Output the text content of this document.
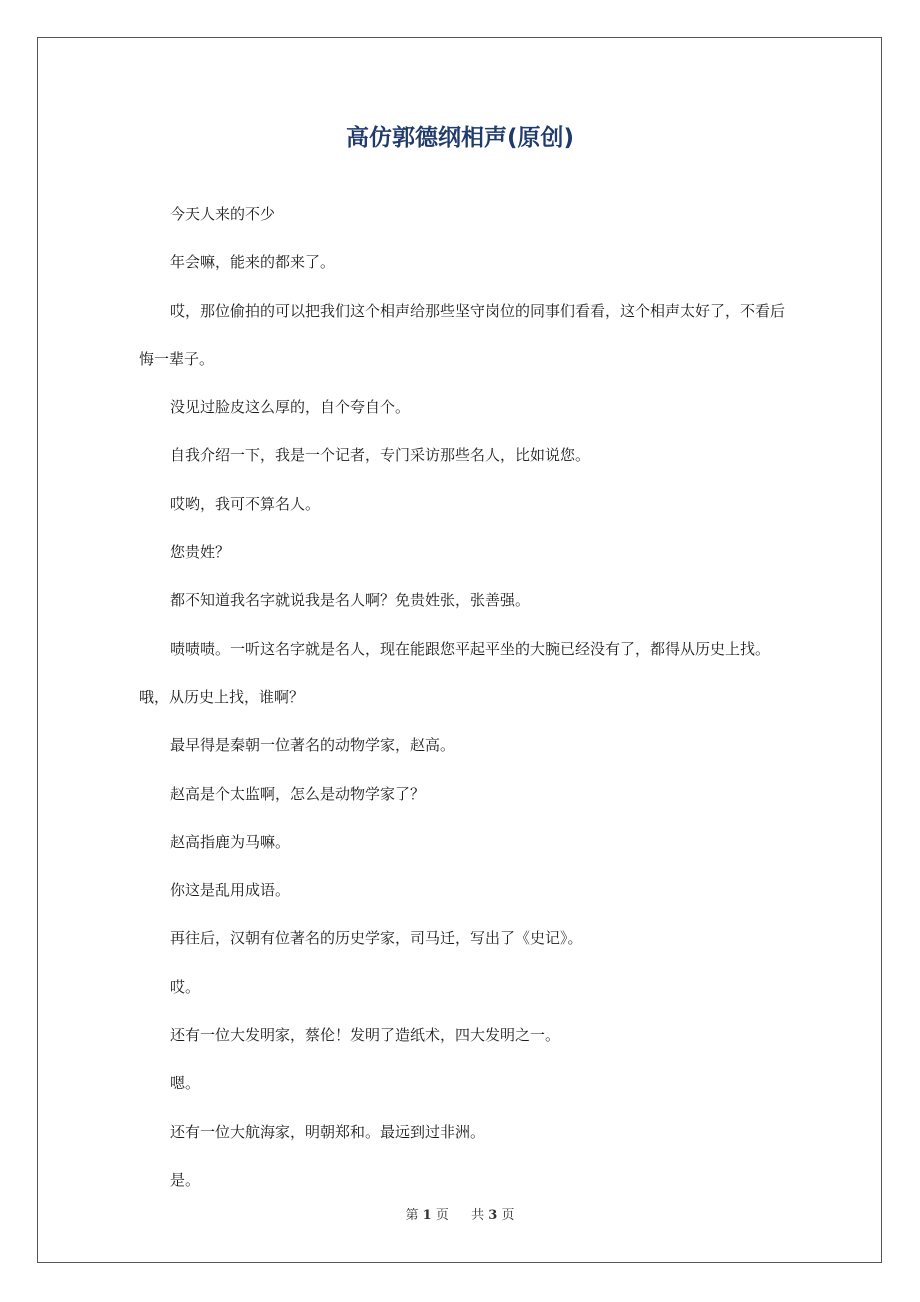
高仿郭德纲相声(原创)

今天人来的不少

年会嘛，能来的都来了。

哎，那位偷拍的可以把我们这个相声给那些坚守岗位的同事们看看，这个相声太好了，不看后悔一辈子。

没见过脸皮这么厚的，自个夸自个。

自我介绍一下，我是一个记者，专门采访那些名人，比如说您。

哎哟，我可不算名人。

您贵姓？

都不知道我名字就说我是名人啊？免贵姓张，张善强。

啧啧啧。一听这名字就是名人，现在能跟您平起平坐的大腕已经没有了，都得从历史上找。哦，从历史上找，谁啊？

最早得是秦朝一位著名的动物学家，赵高。

赵高是个太监啊，怎么是动物学家了？

赵高指鹿为马嘛。

你这是乱用成语。

再往后，汉朝有位著名的历史学家，司马迁，写出了《史记》。

哎。

还有一位大发明家，蔡伦！发明了造纸术，四大发明之一。

嗯。

还有一位大航海家，明朝郑和。最远到过非洲。

是。

第 1 页 共 3 页
